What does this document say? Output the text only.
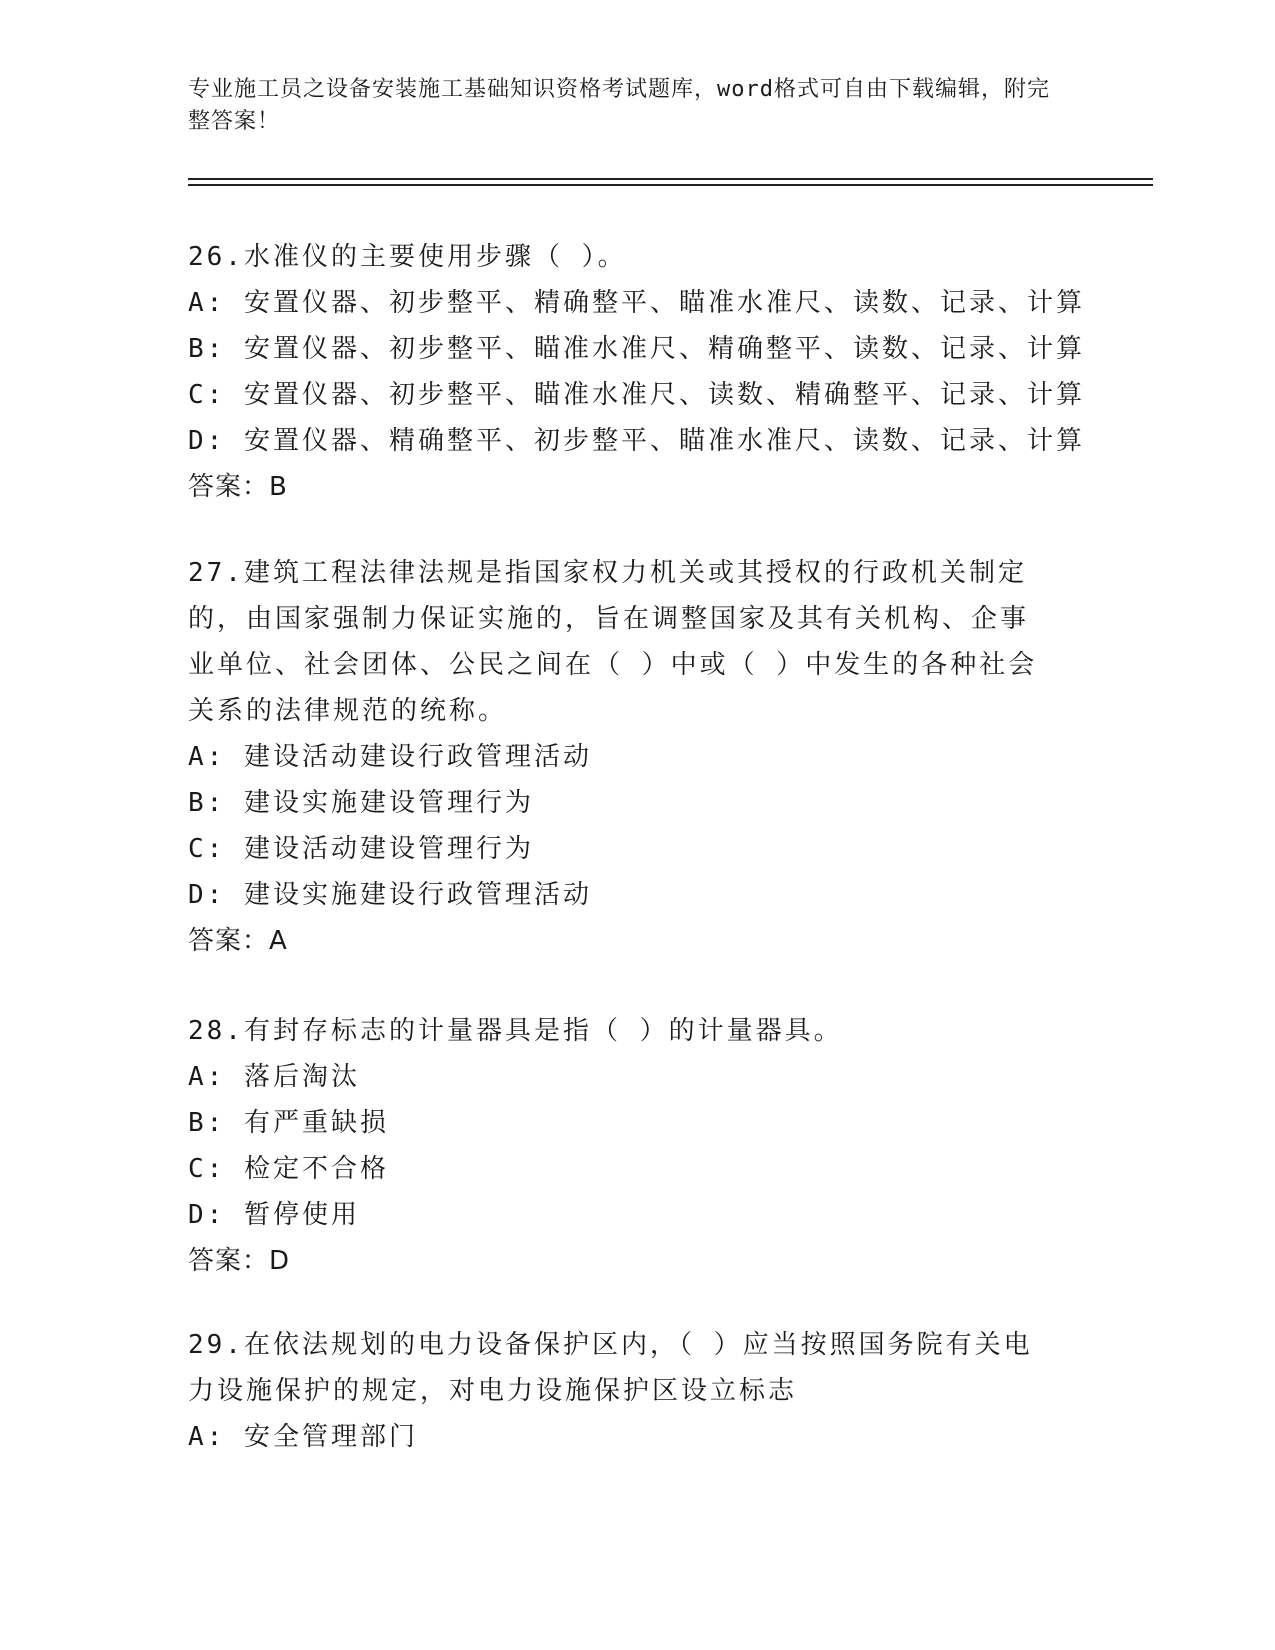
专业施工员之设备安装施工基础知识资格考试题库，word格式可自由下载编辑，附完整答案！
26.水准仪的主要使用步骤（ ）。
A: 安置仪器、初步整平、精确整平、瞄准水准尺、读数、记录、计算
B: 安置仪器、初步整平、瞄准水准尺、精确整平、读数、记录、计算
C: 安置仪器、初步整平、瞄准水准尺、读数、精确整平、记录、计算
D: 安置仪器、精确整平、初步整平、瞄准水准尺、读数、记录、计算
答案：B
27.建筑工程法律法规是指国家权力机关或其授权的行政机关制定的，由国家强制力保证实施的，旨在调整国家及其有关机构、企事业单位、社会团体、公民之间在（ ）中或（ ）中发生的各种社会关系的法律规范的统称。
A: 建设活动建设行政管理活动
B: 建设实施建设管理行为
C: 建设活动建设管理行为
D: 建设实施建设行政管理活动
答案：A
28.有封存标志的计量器具是指（ ）的计量器具。
A: 落后淘汰
B: 有严重缺损
C: 检定不合格
D: 暂停使用
答案：D
29.在依法规划的电力设备保护区内，（ ）应当按照国务院有关电力设施保护的规定，对电力设施保护区设立标志
A: 安全管理部门
